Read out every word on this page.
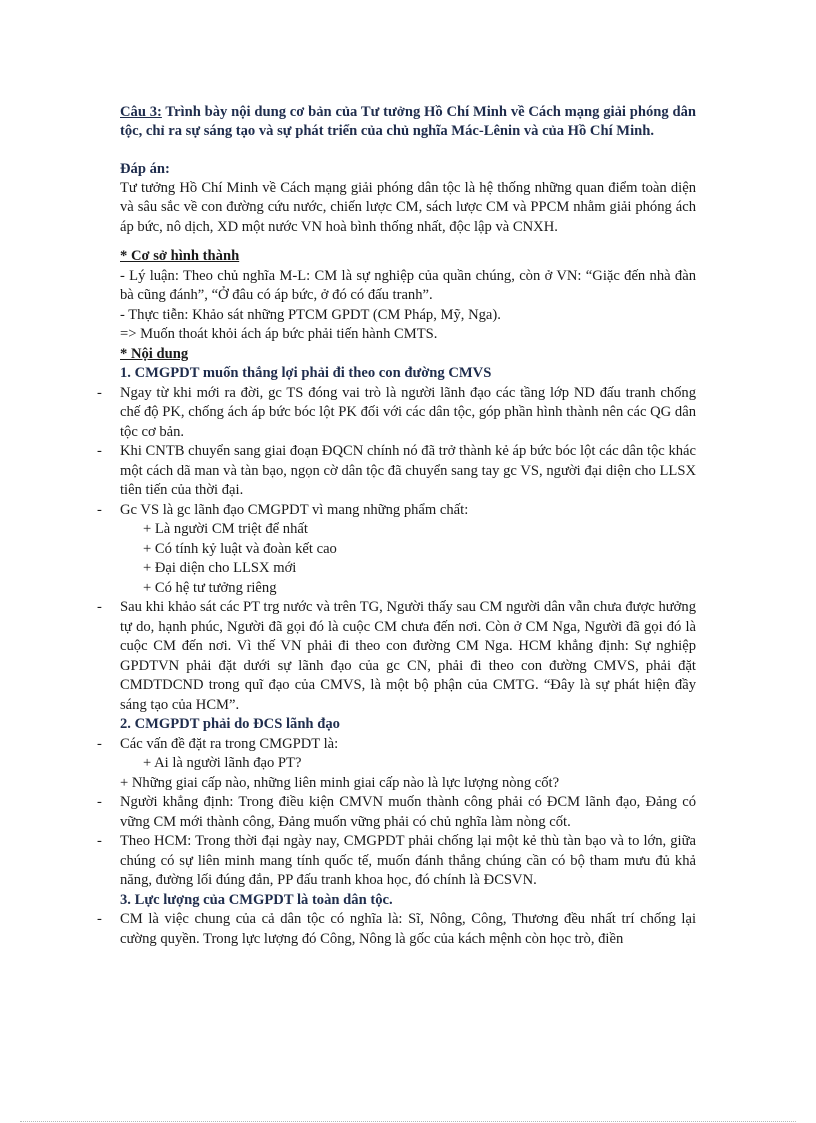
Câu 3: Trình bày nội dung cơ bản của Tư tưởng Hồ Chí Minh về Cách mạng giải phóng dân tộc, chỉ ra sự sáng tạo và sự phát triển của chủ nghĩa Mác-Lênin và của Hồ Chí Minh.

Đáp án:

Tư tưởng Hồ Chí Minh về Cách mạng giải phóng dân tộc là hệ thống những quan điểm toàn diện và sâu sắc về con đường cứu nước, chiến lược CM, sách lược CM và PPCM nhằm giải phóng ách áp bức, nô dịch, XD một nước VN hoà bình thống nhất, độc lập và CNXH.

* Cơ sở hình thành

- Lý luận: Theo chủ nghĩa M-L: CM là sự nghiệp của quần chúng, còn ở VN: “Giặc đến nhà đàn bà cũng đánh”, “Ở đâu có áp bức, ở đó có đấu tranh”.

- Thực tiễn: Khảo sát những PTCM GPDT (CM Pháp, Mỹ, Nga).

=> Muốn thoát khỏi ách áp bức phải tiến hành CMTS.

* Nội dung

1. CMGPDT muốn thắng lợi phải đi theo con đường CMVS

- Ngay từ khi mới ra đời, gc TS đóng vai trò là người lãnh đạo các tầng lớp ND đấu tranh chống chế độ PK, chống ách áp bức bóc lột PK đối với các dân tộc, góp phần hình thành nên các QG dân tộc cơ bản.

- Khi CNTB chuyển sang giai đoạn ĐQCN chính nó đã trở thành kẻ áp bức bóc lột các dân tộc khác một cách dã man và tàn bạo, ngọn cờ dân tộc đã chuyển sang tay gc VS, người đại diện cho LLSX tiên tiến của thời đại.

- Gc VS là gc lãnh đạo CMGPDT vì mang những phẩm chất:

+ Là người CM triệt để nhất

+ Có tính kỷ luật và đoàn kết cao

+ Đại diện cho LLSX mới

+ Có hệ tư tưởng riêng

- Sau khi khảo sát các PT trg nước và trên TG, Người thấy sau CM người dân vẫn chưa được hưởng tự do, hạnh phúc, Người đã gọi đó là cuộc CM chưa đến nơi. Còn ở CM Nga, Người đã gọi đó là cuộc CM đến nơi. Vì thế VN phải đi theo con đường CM Nga. HCM khẳng định: Sự nghiệp GPDTVN phải đặt dưới sự lãnh đạo của gc CN, phải đi theo con đường CMVS, phải đặt CMDTDCND trong quĩ đạo của CMVS, là một bộ phận của CMTG. “Đây là sự phát hiện đầy sáng tạo của HCM”.

2. CMGPDT phải do ĐCS lãnh đạo

- Các vấn đề đặt ra trong CMGPDT là:

+ Ai là người lãnh đạo PT?

+ Những giai cấp nào, những liên minh giai cấp nào là lực lượng nòng cốt?

- Người khẳng định: Trong điều kiện CMVN muốn thành công phải có ĐCM lãnh đạo, Đảng có vững CM mới thành công, Đảng muốn vững phải có chủ nghĩa làm nòng cốt.

- Theo HCM: Trong thời đại ngày nay, CMGPDT phải chống lại một kẻ thù tàn bạo và to lớn, giữa chúng có sự liên minh mang tính quốc tế, muốn đánh thắng chúng cần có bộ tham mưu đủ khả năng, đường lối đúng đắn, PP đấu tranh khoa học, đó chính là ĐCSVN.

3. Lực lượng của CMGPDT là toàn dân tộc.

- CM là việc chung của cả dân tộc có nghĩa là: Sĩ, Nông, Công, Thương đều nhất trí chống lại cường quyền. Trong lực lượng đó Công, Nông là gốc của kách mệnh còn học trò, điền
